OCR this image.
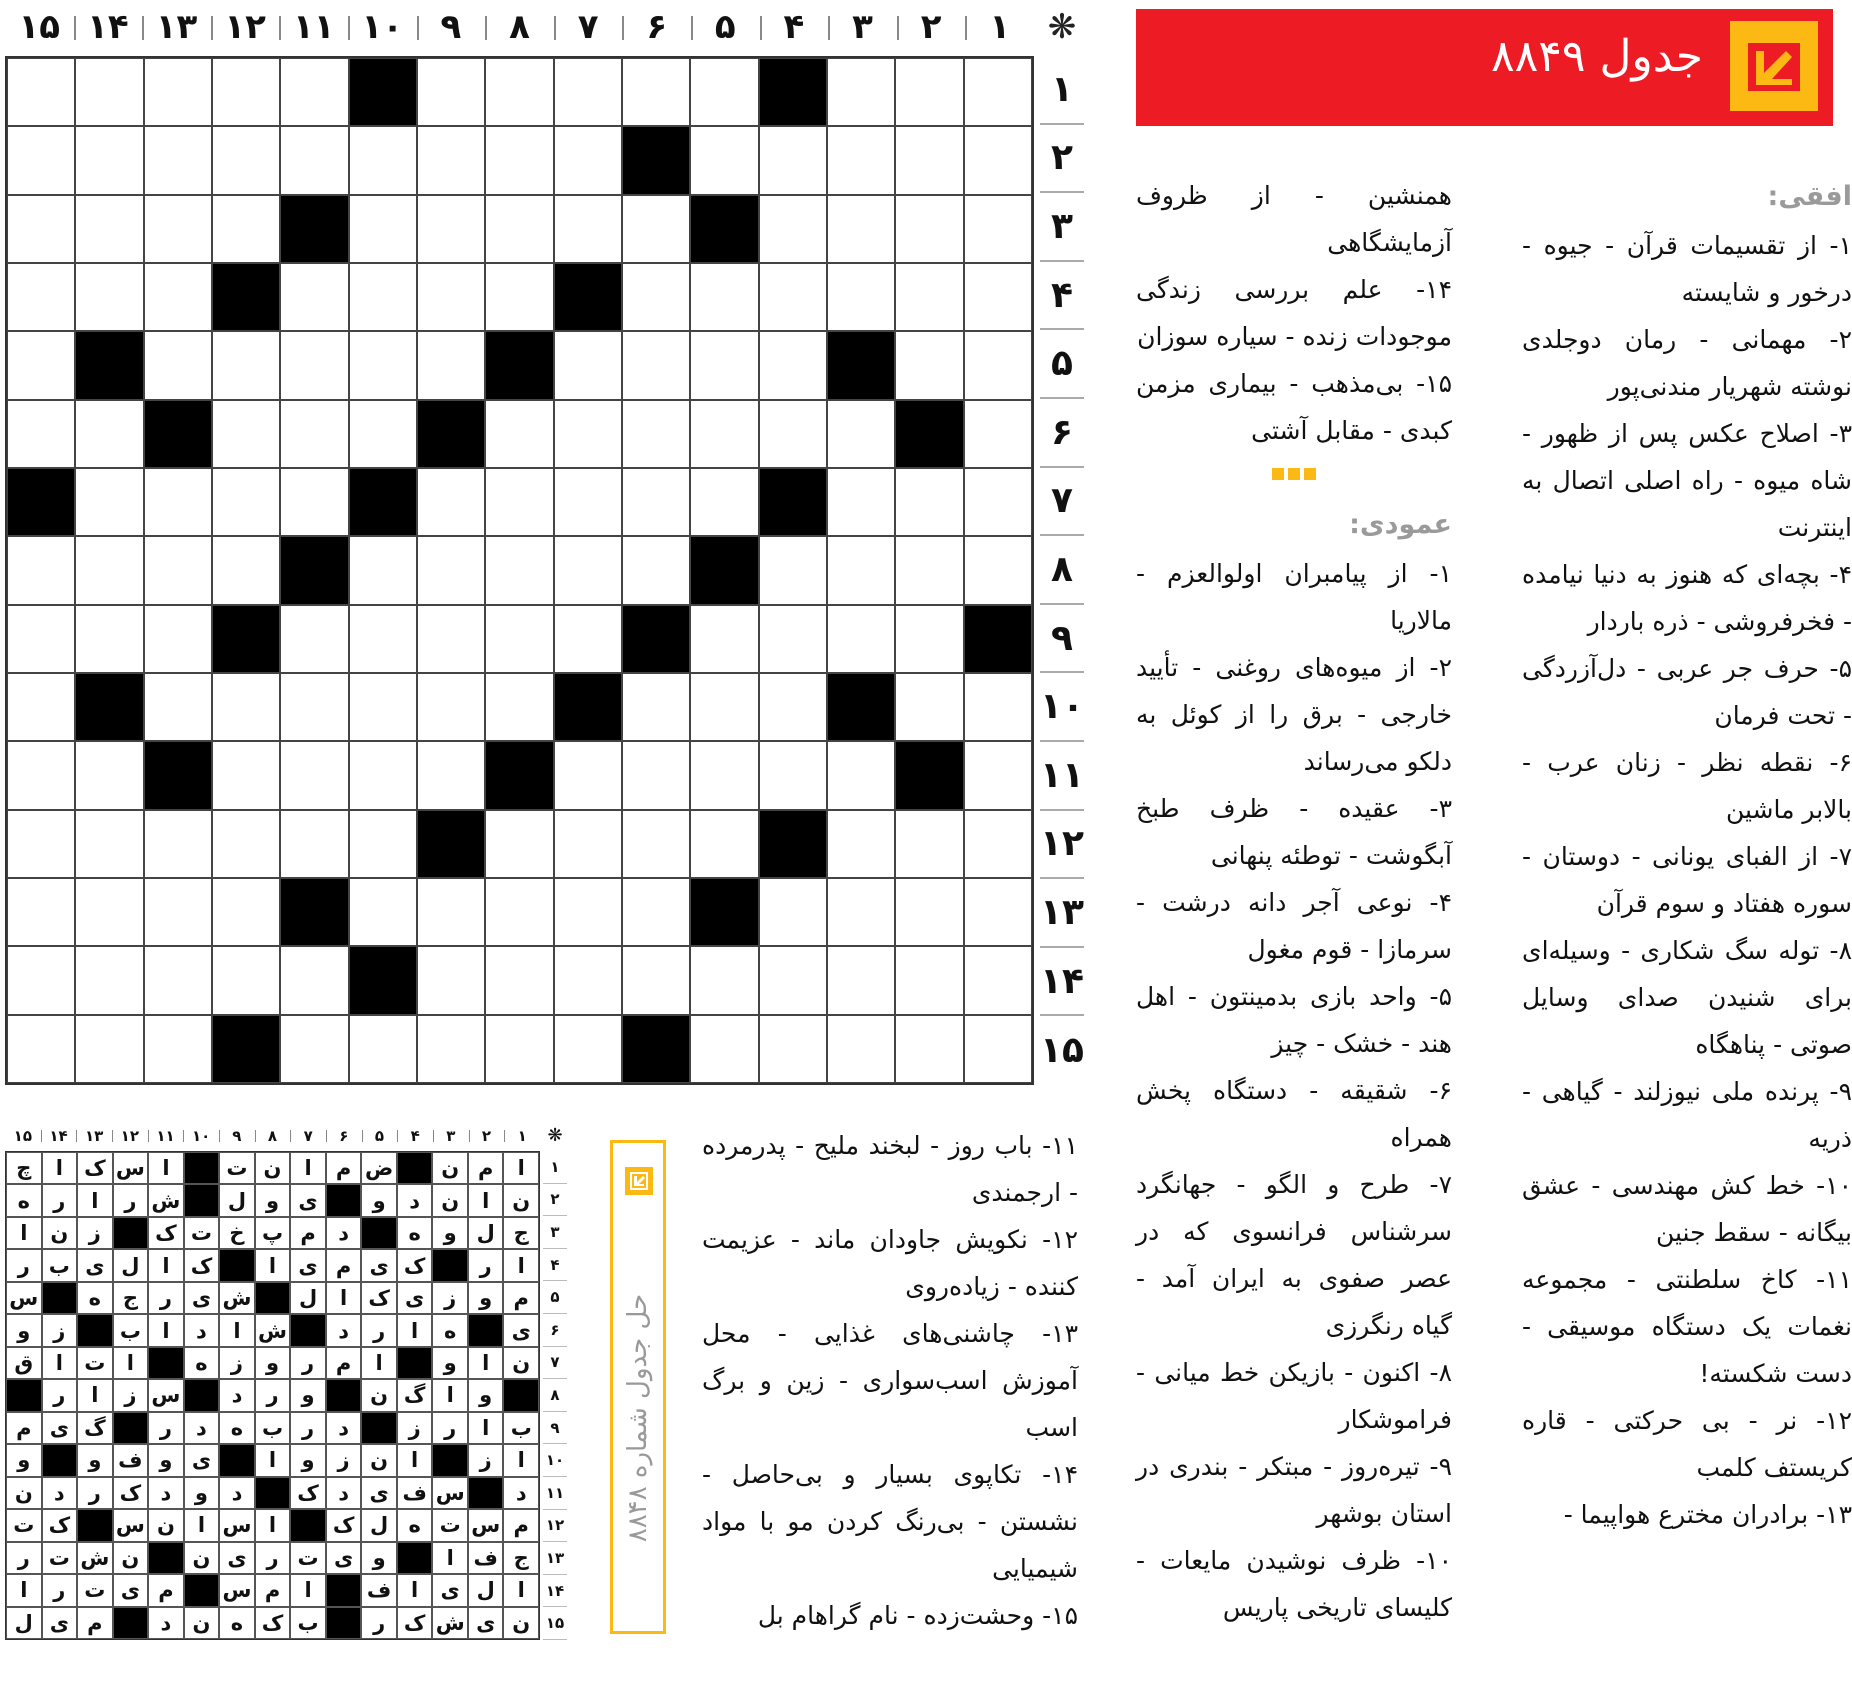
جدول ۸۸۴۹
❋
۱
۲
۳
۴
۵
۶
۷
۸
۹
۱۰
۱۱
۱۲
۱۳
۱۴
۱۵
۱
۲
۳
۴
۵
۶
۷
۸
۹
۱۰
۱۱
۱۲
۱۳
۱۴
۱۵
افقی:

۱- از تقسیمات قرآن - جیوه - درخور و شایسته

۲- مهمانی - رمان دوجلدی نوشته شهریار مندنی‌پور

۳- اصلاح عکس پس از ظهور - شاه میوه - راه اصلی اتصال به اینترنت

۴- بچه‌ای که هنوز به دنیا نیامده - فخرفروشی - ذره باردار

۵- حرف جر عربی - دل‌آزردگی - تحت فرمان

۶- نقطه نظر - زنان عرب - بالابر ماشین

۷- از الفبای یونانی - دوستان - سوره هفتاد و سوم قرآن

۸- توله سگ شکاری - وسیله‌ای برای شنیدن صدای وسایل صوتی - پناهگاه

۹- پرنده ملی نیوزلند - گیاهی - ذریه

۱۰- خط کش مهندسی - عشق بیگانه - سقط جنین

۱۱- کاخ سلطنتی - مجموعه نغمات یک دستگاه موسیقی - دست شکسته!

۱۲- نر - بی حرکتی - قاره کریستف کلمب

۱۳- برادران مخترع هواپیما -

همنشین - از ظروف آزمایشگاهی

۱۴- علم بررسی زندگی موجودات زنده - سیاره سوزان

۱۵- بی‌مذهب - بیماری مزمن کبدی - مقابل آشتی

عمودی:

۱- از پیامبران اولوالعزم - مالاریا

۲- از میوه‌های روغنی - تأیید خارجی - برق را از کوئل به دلکو می‌رساند

۳- عقیده - ظرف طبخ آبگوشت - توطئه پنهانی

۴- نوعی آجر دانه درشت - سرمازا - قوم مغول

۵- واحد بازی بدمینتون - اهل هند - خشک - چیز

۶- شقیقه - دستگاه پخش همراه

۷- طرح و الگو - جهانگرد سرشناس فرانسوی که در عصر صفوی به ایران آمد - گیاه رنگرزی

۸- اکنون - بازیکن خط میانی - فراموشکار

۹- تیره‌روز - مبتکر - بندری در استان بوشهر

۱۰- ظرف نوشیدن مایعات - کلیسای تاریخی پاریس

۱۱- باب روز - لبخند ملیح - پدرمرده - ارجمندی

۱۲- نکویش جاودان ماند - عزیمت کننده - زیاده‌روی

۱۳- چاشنی‌های غذایی - محل آموزش اسب‌سواری - زین و برگ اسب

۱۴- تکاپوی بسیار و بی‌حاصل - نشستن - بی‌رنگ کردن مو با مواد شیمیایی

۱۵- وحشت‌زده - نام گراهام بل

حل جدول شماره ۸۸۴۸
❋
۱
۲
۳
۴
۵
۶
۷
۸
۹
۱۰
۱۱
۱۲
۱۳
۱۴
۱۵
ا
م
ن
ض
م
ا
ن
ت
ا
س
ک
ا
چ
ن
ا
ن
د
و
ی
و
ل
ش
ر
ا
ر
ه
ج
ل
و
ه
د
م
پ
خ
ت
ک
ز
ن
ا
ا
ر
ک
ی
م
ی
ا
ک
ا
ل
ی
ب
ر
م
و
ز
ی
ک
ا
ل
ش
ی
ر
ج
ه
س
ی
ه
ا
ر
د
ش
ا
د
ا
ب
ز
و
ن
ا
و
ا
م
ر
و
ز
ه
ا
ت
ا
ق
و
ا
گ
ن
و
ر
د
س
ز
ا
ر
ب
ا
ر
ز
د
ر
ب
ه
د
ر
گ
ی
م
ا
ز
ا
ن
ز
و
ا
ی
و
ف
و
و
د
س
ف
ی
د
ک
د
و
د
ک
ر
د
ن
م
س
ت
ه
ل
ک
ا
س
ا
ن
س
ک
ت
ج
ف
ا
و
ی
ت
ر
ی
ن
ن
ش
ت
ر
ا
ل
ی
ا
ف
ا
م
س
م
ی
ت
ر
ا
ن
ی
ش
ک
ر
ب
ک
ه
ن
د
م
ی
ل
۱
۲
۳
۴
۵
۶
۷
۸
۹
۱۰
۱۱
۱۲
۱۳
۱۴
۱۵
